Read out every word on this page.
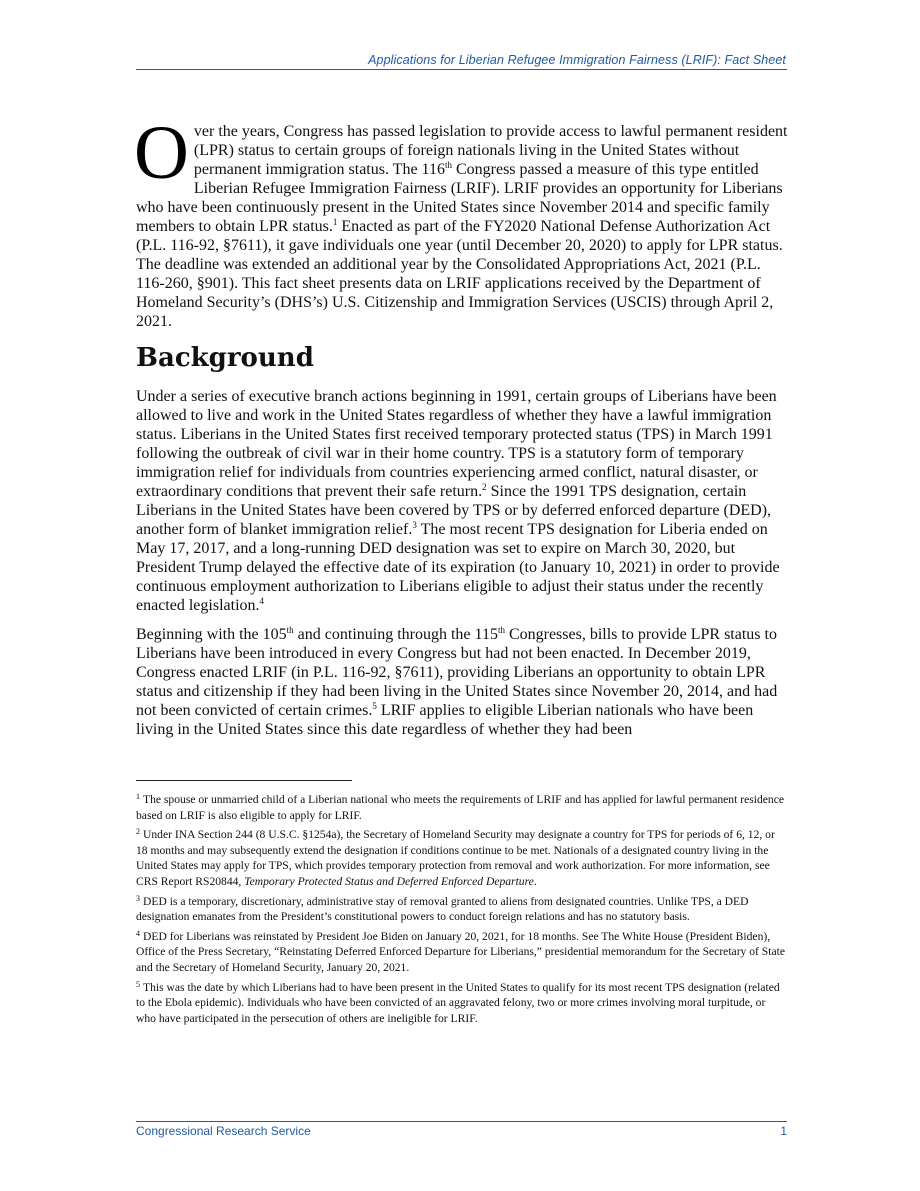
Applications for Liberian Refugee Immigration Fairness (LRIF): Fact Sheet

Over the years, Congress has passed legislation to provide access to lawful permanent resident (LPR) status to certain groups of foreign nationals living in the United States without permanent immigration status. The 116th Congress passed a measure of this type entitled Liberian Refugee Immigration Fairness (LRIF). LRIF provides an opportunity for Liberians who have been continuously present in the United States since November 2014 and specific family members to obtain LPR status.$^1$ Enacted as part of the FY2020 National Defense Authorization Act (P.L. 116-92, §7611), it gave individuals one year (until December 20, 2020) to apply for LPR status. The deadline was extended an additional year by the Consolidated Appropriations Act, 2021 (P.L. 116-260, §901). This fact sheet presents data on LRIF applications received by the Department of Homeland Security’s (DHS’s) U.S. Citizenship and Immigration Services (USCIS) through April 2, 2021.

Background

Under a series of executive branch actions beginning in 1991, certain groups of Liberians have been allowed to live and work in the United States regardless of whether they have a lawful immigration status. Liberians in the United States first received temporary protected status (TPS) in March 1991 following the outbreak of civil war in their home country. TPS is a statutory form of temporary immigration relief for individuals from countries experiencing armed conflict, natural disaster, or extraordinary conditions that prevent their safe return.$^2$ Since the 1991 TPS designation, certain Liberians in the United States have been covered by TPS or by deferred enforced departure (DED), another form of blanket immigration relief.$^3$ The most recent TPS designation for Liberia ended on May 17, 2017, and a long-running DED designation was set to expire on March 30, 2020, but President Trump delayed the effective date of its expiration (to January 10, 2021) in order to provide continuous employment authorization to Liberians eligible to adjust their status under the recently enacted legislation.$^4$

Beginning with the 105th and continuing through the 115th Congresses, bills to provide LPR status to Liberians have been introduced in every Congress but had not been enacted. In December 2019, Congress enacted LRIF (in P.L. 116-92, §7611), providing Liberians an opportunity to obtain LPR status and citizenship if they had been living in the United States since November 20, 2014, and had not been convicted of certain crimes.$^5$ LRIF applies to eligible Liberian nationals who have been living in the United States since this date regardless of whether they had been

$^1$ The spouse or unmarried child of a Liberian national who meets the requirements of LRIF and has applied for lawful permanent residence based on LRIF is also eligible to apply for LRIF.
$^2$ Under INA Section 244 (8 U.S.C. §1254a), the Secretary of Homeland Security may designate a country for TPS for periods of 6, 12, or 18 months and may subsequently extend the designation if conditions continue to be met. Nationals of a designated country living in the United States may apply for TPS, which provides temporary protection from removal and work authorization. For more information, see CRS Report RS20844, Temporary Protected Status and Deferred Enforced Departure.
$^3$ DED is a temporary, discretionary, administrative stay of removal granted to aliens from designated countries. Unlike TPS, a DED designation emanates from the President’s constitutional powers to conduct foreign relations and has no statutory basis.
$^4$ DED for Liberians was reinstated by President Joe Biden on January 20, 2021, for 18 months. See The White House (President Biden), Office of the Press Secretary, “Reinstating Deferred Enforced Departure for Liberians,” presidential memorandum for the Secretary of State and the Secretary of Homeland Security, January 20, 2021.
$^5$ This was the date by which Liberians had to have been present in the United States to qualify for its most recent TPS designation (related to the Ebola epidemic). Individuals who have been convicted of an aggravated felony, two or more crimes involving moral turpitude, or who have participated in the persecution of others are ineligible for LRIF.
Congressional Research Service	1
